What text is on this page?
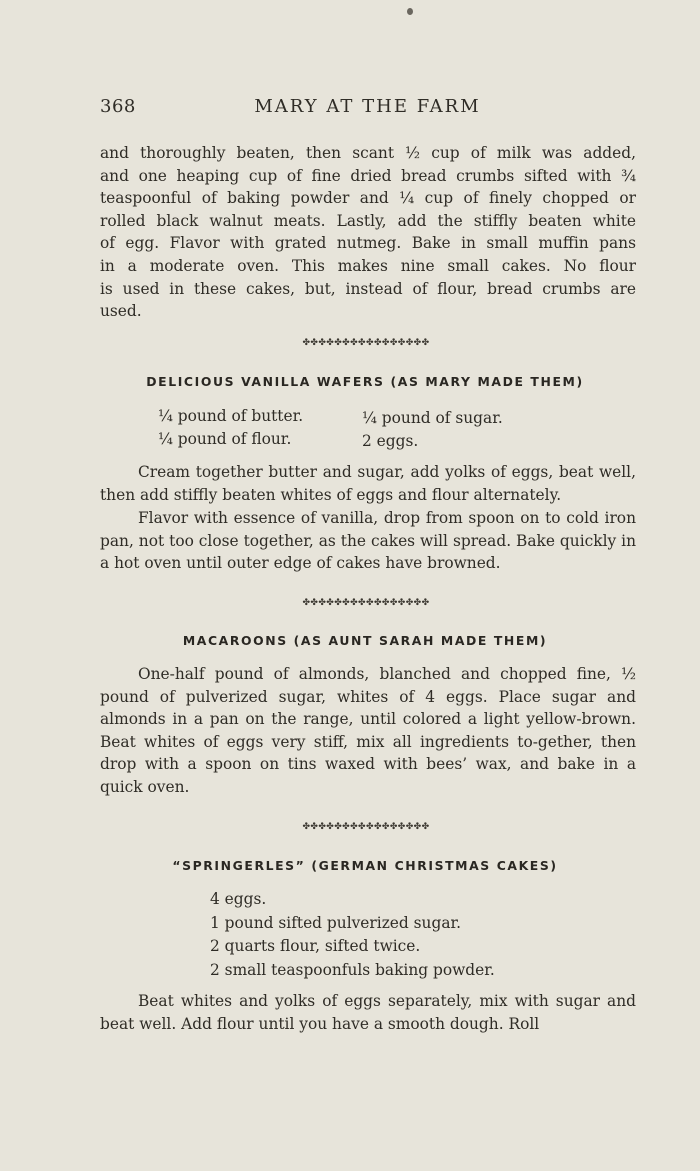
368	MARY AT THE FARM
and thoroughly beaten, then scant ½ cup of milk was added,
and one heaping cup of fine dried bread crumbs sifted with ¾
teaspoonful of baking powder and ¼ cup of finely chopped or
rolled black walnut meats. Lastly, add the stiffly beaten white
of egg. Flavor with grated nutmeg. Bake in small muffin pans
in a moderate oven. This makes nine small cakes. No flour
is used in these cakes, but, instead of flour, bread crumbs are
used.
✤✤✤✤✤✤✤✤✤✤✤✤✤✤✤✤
DELICIOUS VANILLA WAFERS (AS MARY MADE THEM)
¼ pound of butter.
¼ pound of flour.
¼ pound of sugar.
2 eggs.

Cream together butter and sugar, add yolks of eggs, beat well, then add stiffly beaten whites of eggs and flour alternately.

Flavor with essence of vanilla, drop from spoon on to cold iron pan, not too close together, as the cakes will spread. Bake quickly in a hot oven until outer edge of cakes have browned.

✤✤✤✤✤✤✤✤✤✤✤✤✤✤✤✤
MACAROONS (AS AUNT SARAH MADE THEM)

One-half pound of almonds, blanched and chopped fine, ½ pound of pulverized sugar, whites of 4 eggs. Place sugar and almonds in a pan on the range, until colored a light yellow-brown. Beat whites of eggs very stiff, mix all ingredients to-gether, then drop with a spoon on tins waxed with bees’ wax, and bake in a quick oven.

✤✤✤✤✤✤✤✤✤✤✤✤✤✤✤✤
“SPRINGERLES” (GERMAN CHRISTMAS CAKES)
4 eggs.
1 pound sifted pulverized sugar.
2 quarts flour, sifted twice.
2 small teaspoonfuls baking powder.

Beat whites and yolks of eggs separately, mix with sugar and beat well. Add flour until you have a smooth dough. Roll
